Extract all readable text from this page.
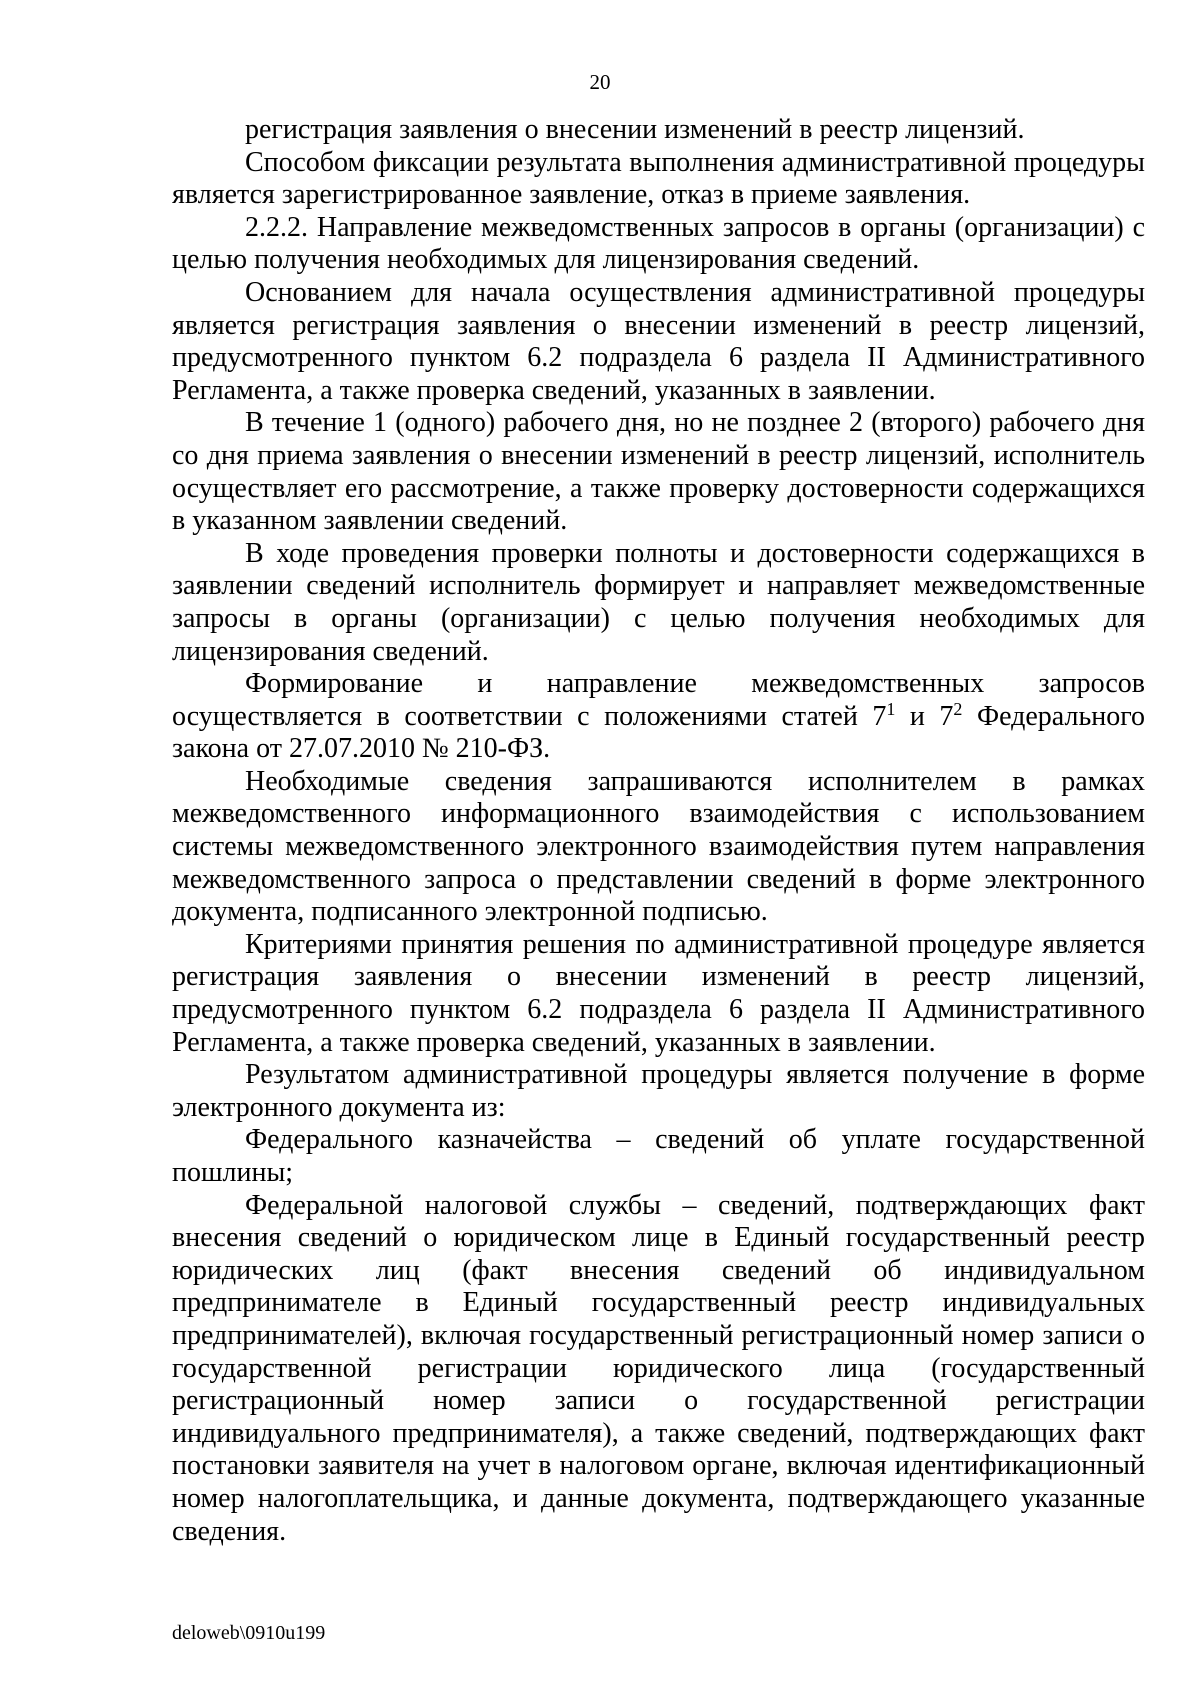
20

регистрация заявления о внесении изменений в реестр лицензий.

Способом фиксации результата выполнения административной процедуры является зарегистрированное заявление, отказ в приеме заявления.

2.2.2. Направление межведомственных запросов в органы (организации) с целью получения необходимых для лицензирования сведений.

Основанием для начала осуществления административной процедуры является регистрация заявления о внесении изменений в реестр лицензий, предусмотренного пунктом 6.2 подраздела 6 раздела II Административного Регламента, а также проверка сведений, указанных в заявлении.

В течение 1 (одного) рабочего дня, но не позднее 2 (второго) рабочего дня со дня приема заявления о внесении изменений в реестр лицензий, исполнитель осуществляет его рассмотрение, а также проверку достоверности содержащихся в указанном заявлении сведений.

В ходе проведения проверки полноты и достоверности содержащихся в заявлении сведений исполнитель формирует и направляет межведомственные запросы в органы (организации) с целью получения необходимых для лицензирования сведений.

Формирование и направление межведомственных запросов осуществляется в соответствии с положениями статей $7^1$ и $7^2$ Федерального закона от 27.07.2010 № 210-ФЗ.

Необходимые сведения запрашиваются исполнителем в рамках межведомственного информационного взаимодействия с использованием системы межведомственного электронного взаимодействия путем направления межведомственного запроса о представлении сведений в форме электронного документа, подписанного электронной подписью.

Критериями принятия решения по административной процедуре является регистрация заявления о внесении изменений в реестр лицензий, предусмотренного пунктом 6.2 подраздела 6 раздела II Административного Регламента, а также проверка сведений, указанных в заявлении.

Результатом административной процедуры является получение в форме электронного документа из:

Федерального казначейства – сведений об уплате государственной пошлины;

Федеральной налоговой службы – сведений, подтверждающих факт внесения сведений о юридическом лице в Единый государственный реестр юридических лиц (факт внесения сведений об индивидуальном предпринимателе в Единый государственный реестр индивидуальных предпринимателей), включая государственный регистрационный номер записи о государственной регистрации юридического лица (государственный регистрационный номер записи о государственной регистрации индивидуального предпринимателя), а также сведений, подтверждающих факт постановки заявителя на учет в налоговом органе, включая идентификационный номер налогоплательщика, и данные документа, подтверждающего указанные сведения.

deloweb\0910u199
